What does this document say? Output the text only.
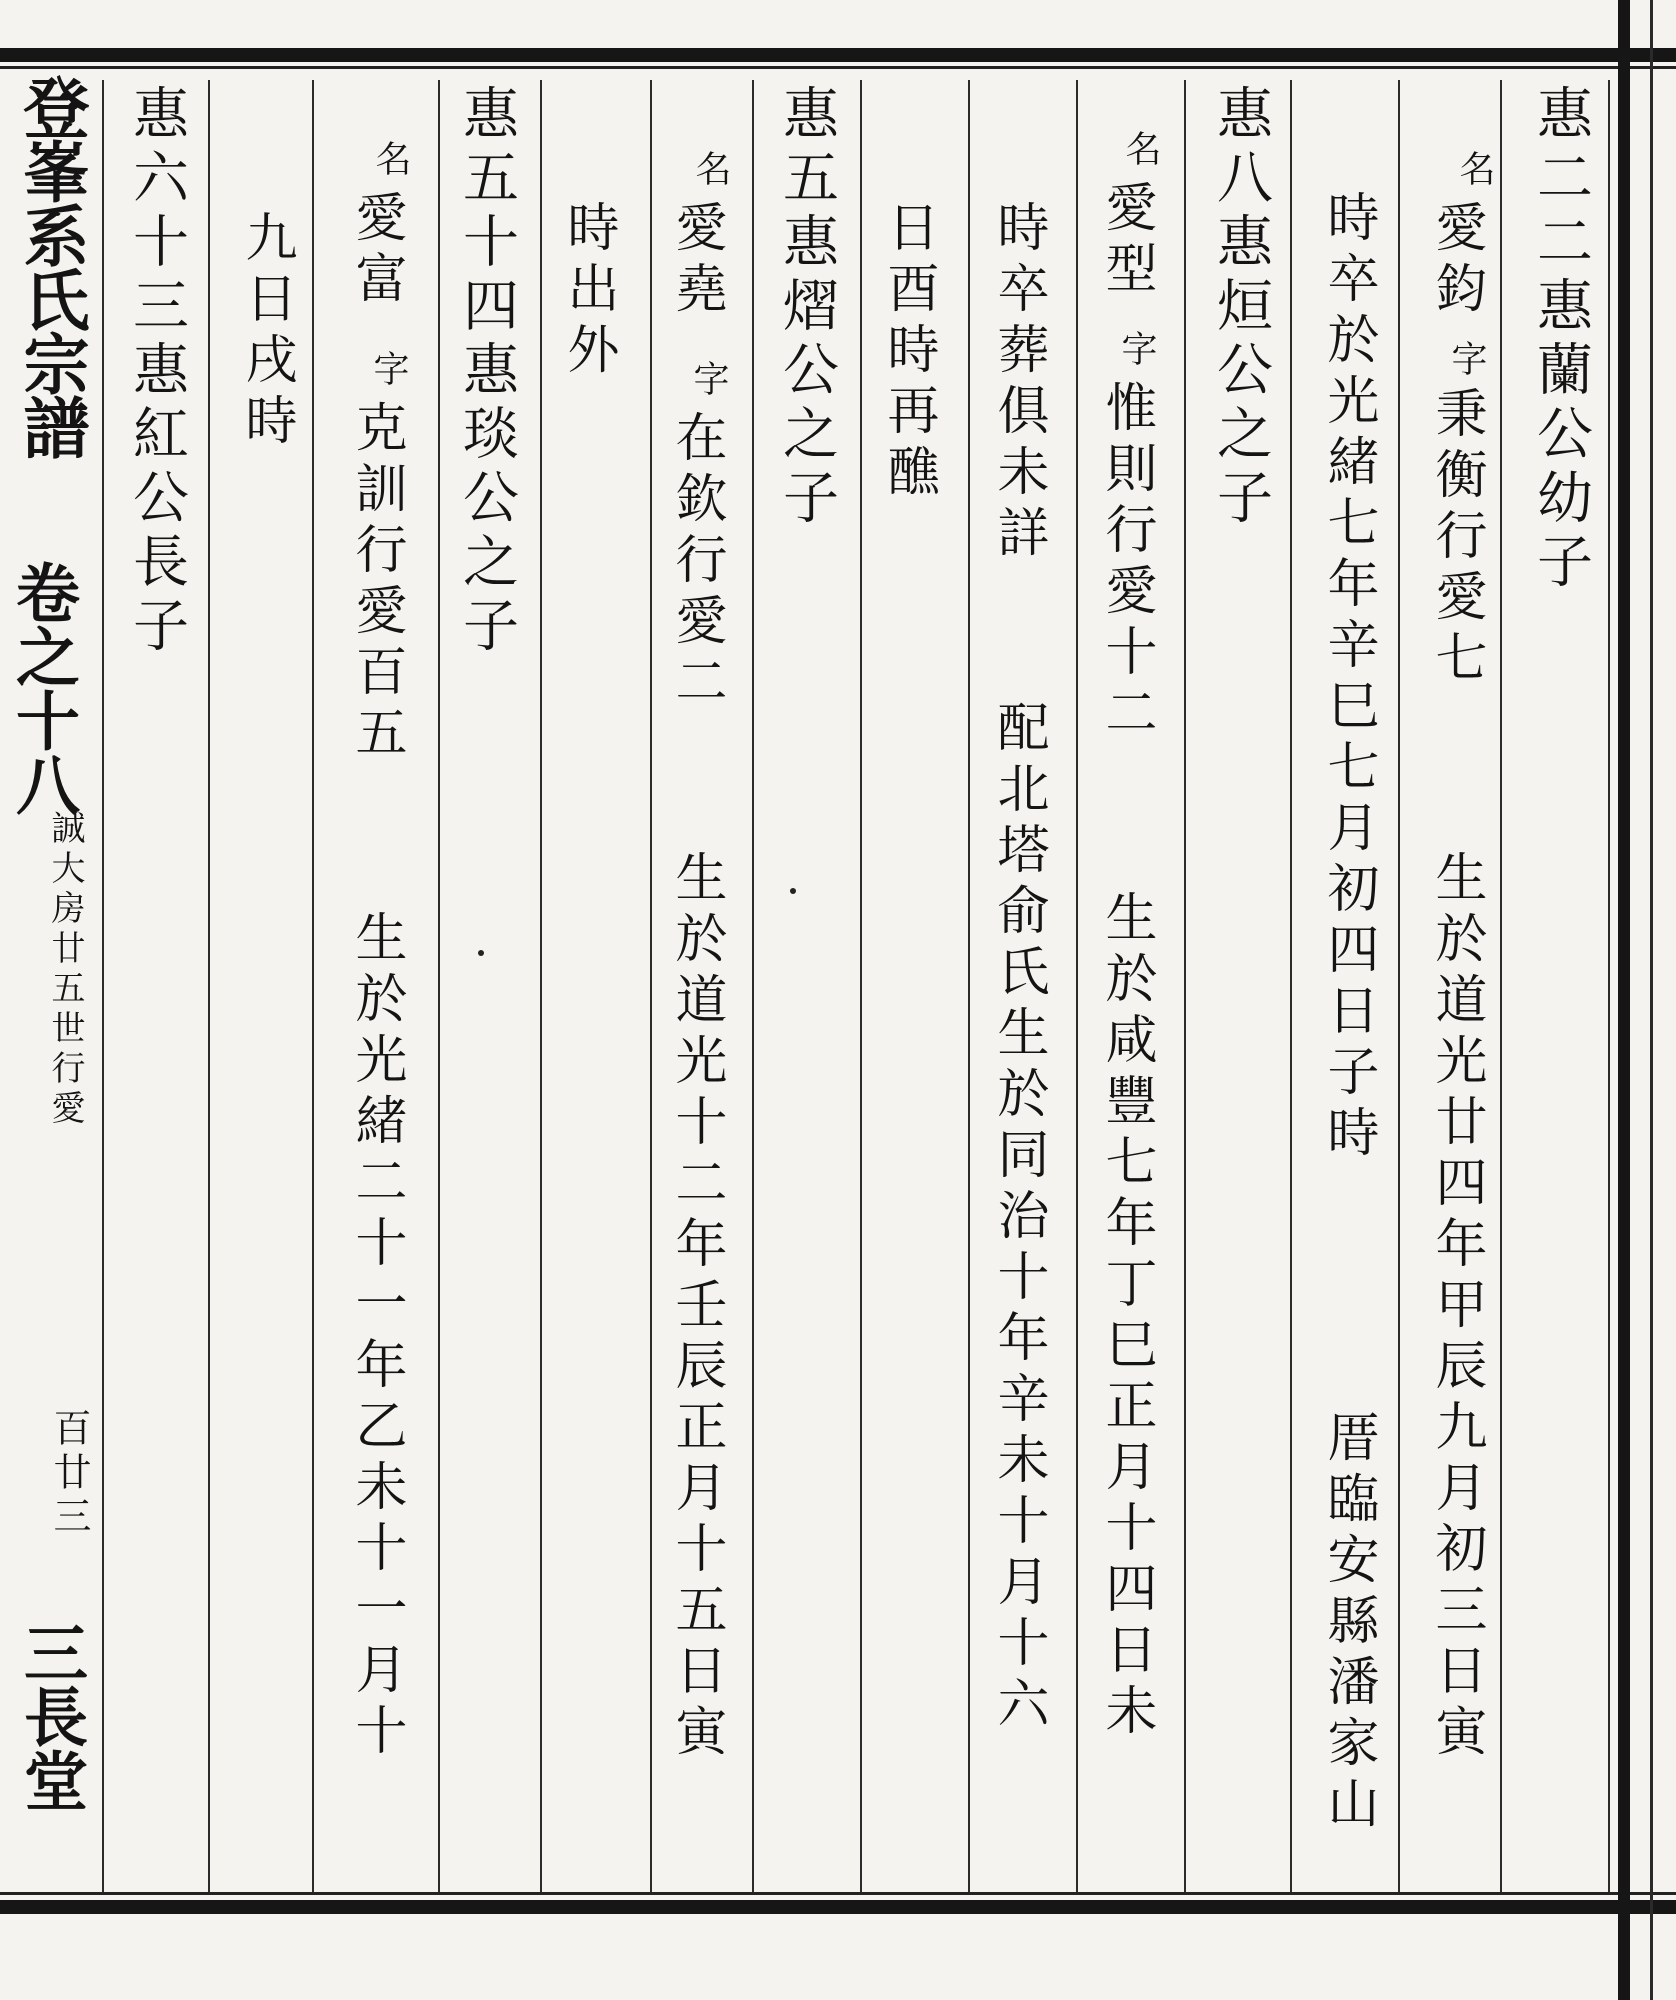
登峯系氏宗譜
卷之十八
誠大房廿五世行愛
百廿三
三長堂
惠二二惠蘭公幼子
名
愛鈞
字
秉衡行愛七
生於道光廿四年甲辰九月初三日寅
時卒於光緒七年辛巳七月初四日子時
厝臨安縣潘家山
惠八惠烜公之子
名
愛型
字
惟則行愛十二
生於咸豐七年丁巳正月十四日未
時卒葬俱未詳
配北塔俞氏生於同治十年辛未十月十六
日酉時再醮
惠五惠熠公之子
名
愛堯
字
在欽行愛二
生於道光十二年壬辰正月十五日寅
時出外
惠五十四惠琰公之子
名
愛富
字
克訓行愛百五
生於光緒二十一年乙未十一月十
九日戌時
惠六十三惠紅公長子
